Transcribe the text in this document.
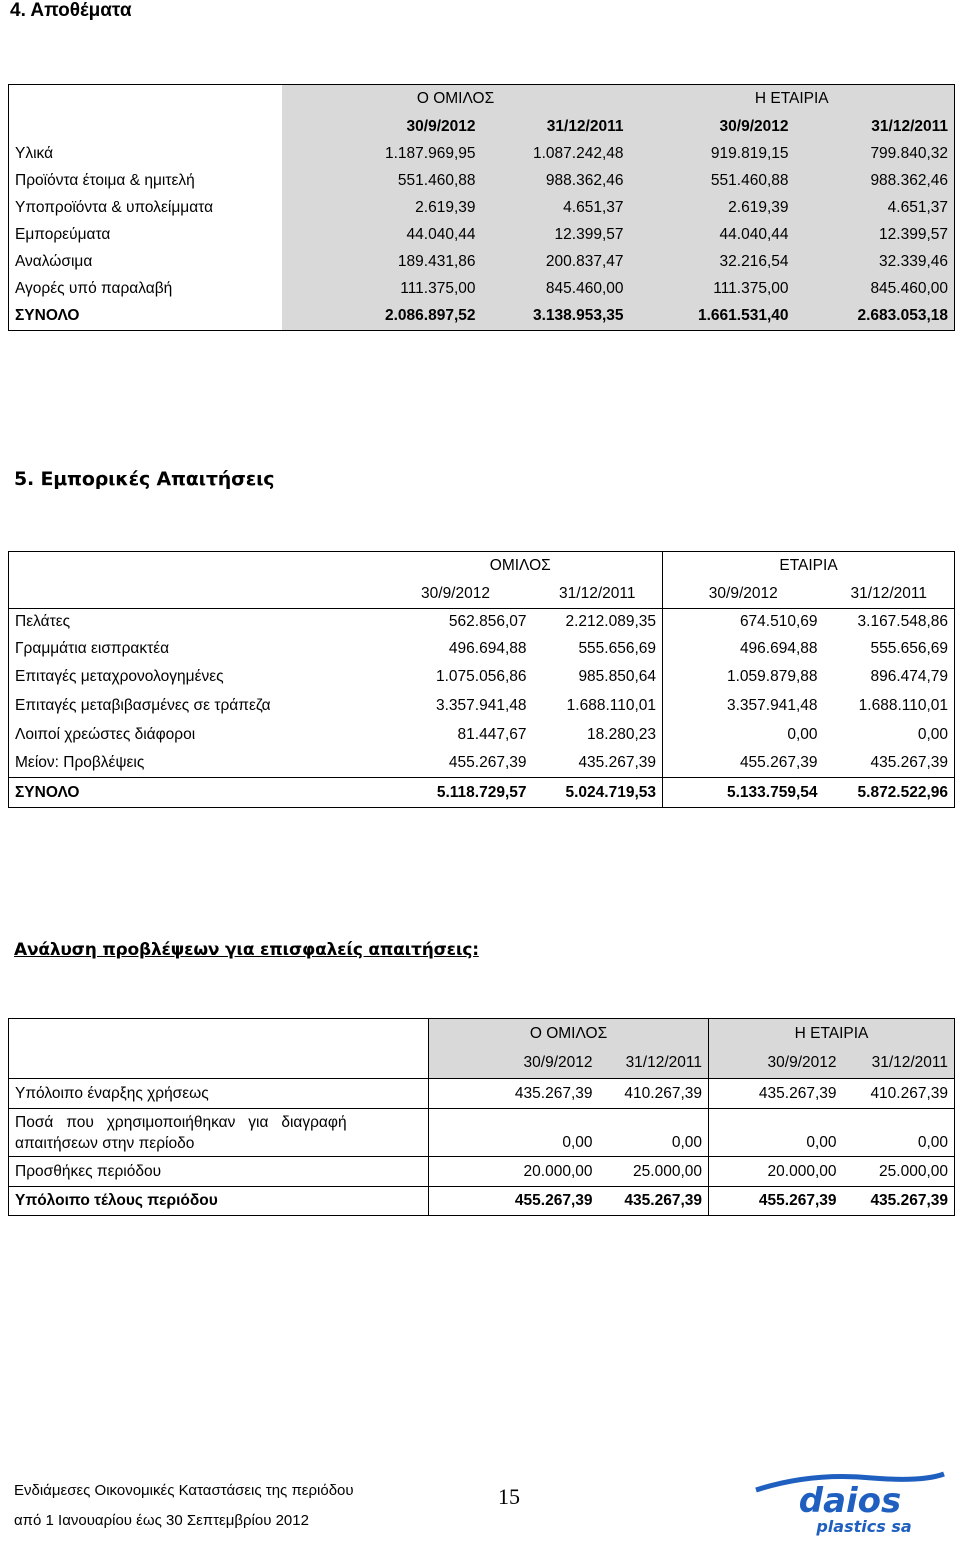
4. Αποθέματα
	Ο ΟΜΙΛΟΣ		Η ΕΤΑΙΡΙΑ	
	30/9/2012	31/12/2011	30/9/2012	31/12/2011
Υλικά	1.187.969,95	1.087.242,48	919.819,15	799.840,32
Προϊόντα έτοιμα & ημιτελή	551.460,88	988.362,46	551.460,88	988.362,46
Υποπροϊόντα & υπολείμματα	2.619,39	4.651,37	2.619,39	4.651,37
Εμπορεύματα	44.040,44	12.399,57	44.040,44	12.399,57
Αναλώσιμα	189.431,86	200.837,47	32.216,54	32.339,46
Αγορές υπό παραλαβή	111.375,00	845.460,00	111.375,00	845.460,00
ΣΥΝΟΛΟ	2.086.897,52	3.138.953,35	1.661.531,40	2.683.053,18
5. Εμπορικές Απαιτήσεις
	ΟΜΙΛΟΣ		ΕΤΑΙΡΙΑ	
	30/9/2012	31/12/2011	30/9/2012	31/12/2011
Πελάτες	562.856,07	2.212.089,35	674.510,69	3.167.548,86
Γραμμάτια εισπρακτέα	496.694,88	555.656,69	496.694,88	555.656,69
Επιταγές μεταχρονολογημένες	1.075.056,86	985.850,64	1.059.879,88	896.474,79
Επιταγές μεταβιβασμένες σε τράπεζα	3.357.941,48	1.688.110,01	3.357.941,48	1.688.110,01
Λοιποί χρεώστες διάφοροι	81.447,67	18.280,23	0,00	0,00
Μείον: Προβλέψεις	455.267,39	435.267,39	455.267,39	435.267,39
ΣΥΝΟΛΟ	5.118.729,57	5.024.719,53	5.133.759,54	5.872.522,96
Ανάλυση προβλέψεων για επισφαλείς απαιτήσεις:
	Ο ΟΜΙΛΟΣ		Η ΕΤΑΙΡΙΑ	
	30/9/2012	31/12/2011	30/9/2012	31/12/2011
Υπόλοιπο έναρξης χρήσεως	435.267,39	410.267,39	435.267,39	410.267,39

Ποσά   που   χρησιμοποιήθηκαν   για   διαγραφή
απαιτήσεων στην περίοδο	0,00	0,00	0,00	0,00
Προσθήκες περιόδου	20.000,00	25.000,00	20.000,00	25.000,00
Υπόλοιπο τέλους περιόδου	455.267,39	435.267,39	455.267,39	435.267,39
Ενδιάμεσες Οικονομικές Καταστάσεις της περιόδου
από 1 Ιανουαρίου έως 30 Σεπτεμβρίου 2012
15	daios
plastics sa
